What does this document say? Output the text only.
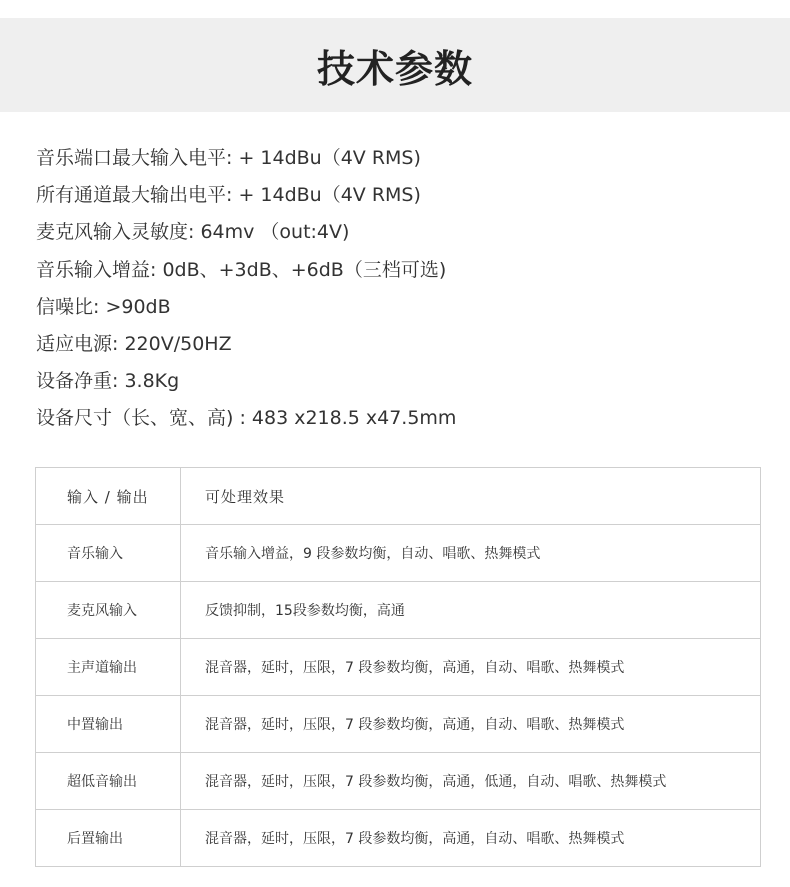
技术参数
音乐端口最大输入电平: + 14dBu（4V RMS)
所有通道最大输出电平: + 14dBu（4V RMS)
麦克风输入灵敏度: 64mv （out:4V)
音乐输入增益: 0dB、+3dB、+6dB（三档可选)
信噪比: >90dB
适应电源: 220V/50HZ
设备净重: 3.8Kg
设备尺寸（长、宽、高) : 483 x218.5 x47.5mm
输入 / 输出	可处理效果
音乐输入	音乐输入增益，9 段参数均衡，自动、唱歌、热舞模式
麦克风输入	反馈抑制，15段参数均衡，高通
主声道输出	混音器，延时，压限，7 段参数均衡，高通，自动、唱歌、热舞模式
中置输出	混音器，延时，压限，7 段参数均衡，高通，自动、唱歌、热舞模式
超低音输出	混音器，延时，压限，7 段参数均衡，高通，低通，自动、唱歌、热舞模式
后置输出	混音器，延时，压限，7 段参数均衡，高通，自动、唱歌、热舞模式
